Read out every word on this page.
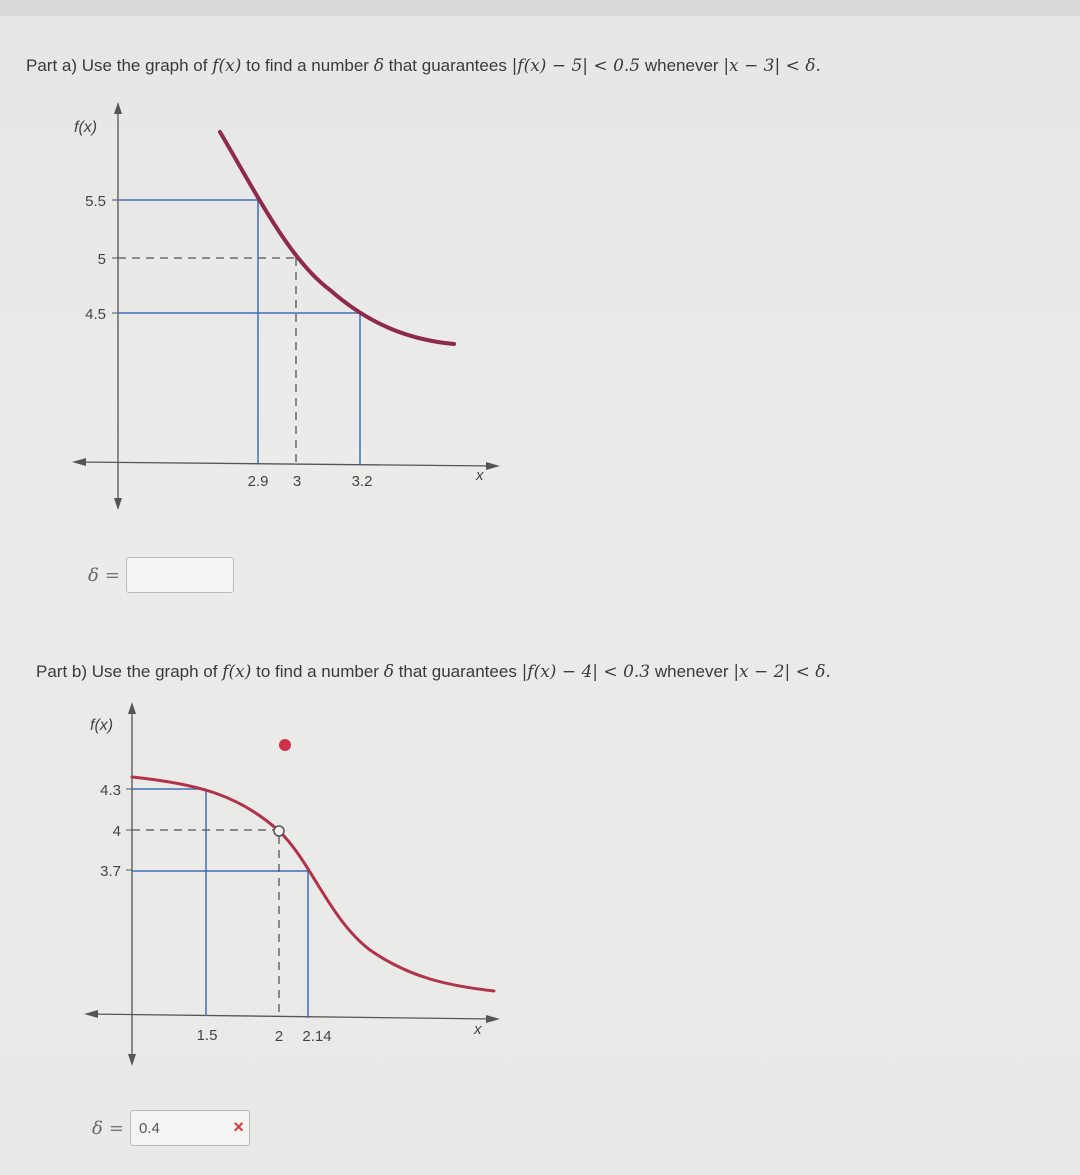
Part a) Use the graph of f(x) to find a number δ that guarantees |f(x) − 5| < 0.5 whenever |x − 3| < δ.
f(x)
x
5.5
5
4.5
2.9 3	3.2
δ =
Part b) Use the graph of f(x) to find a number δ that guarantees |f(x) − 4| < 0.3 whenever |x − 2| < δ.
f(x)
x
4.3
4
3.7
1.5	2 2.14
δ =
0.4	×
